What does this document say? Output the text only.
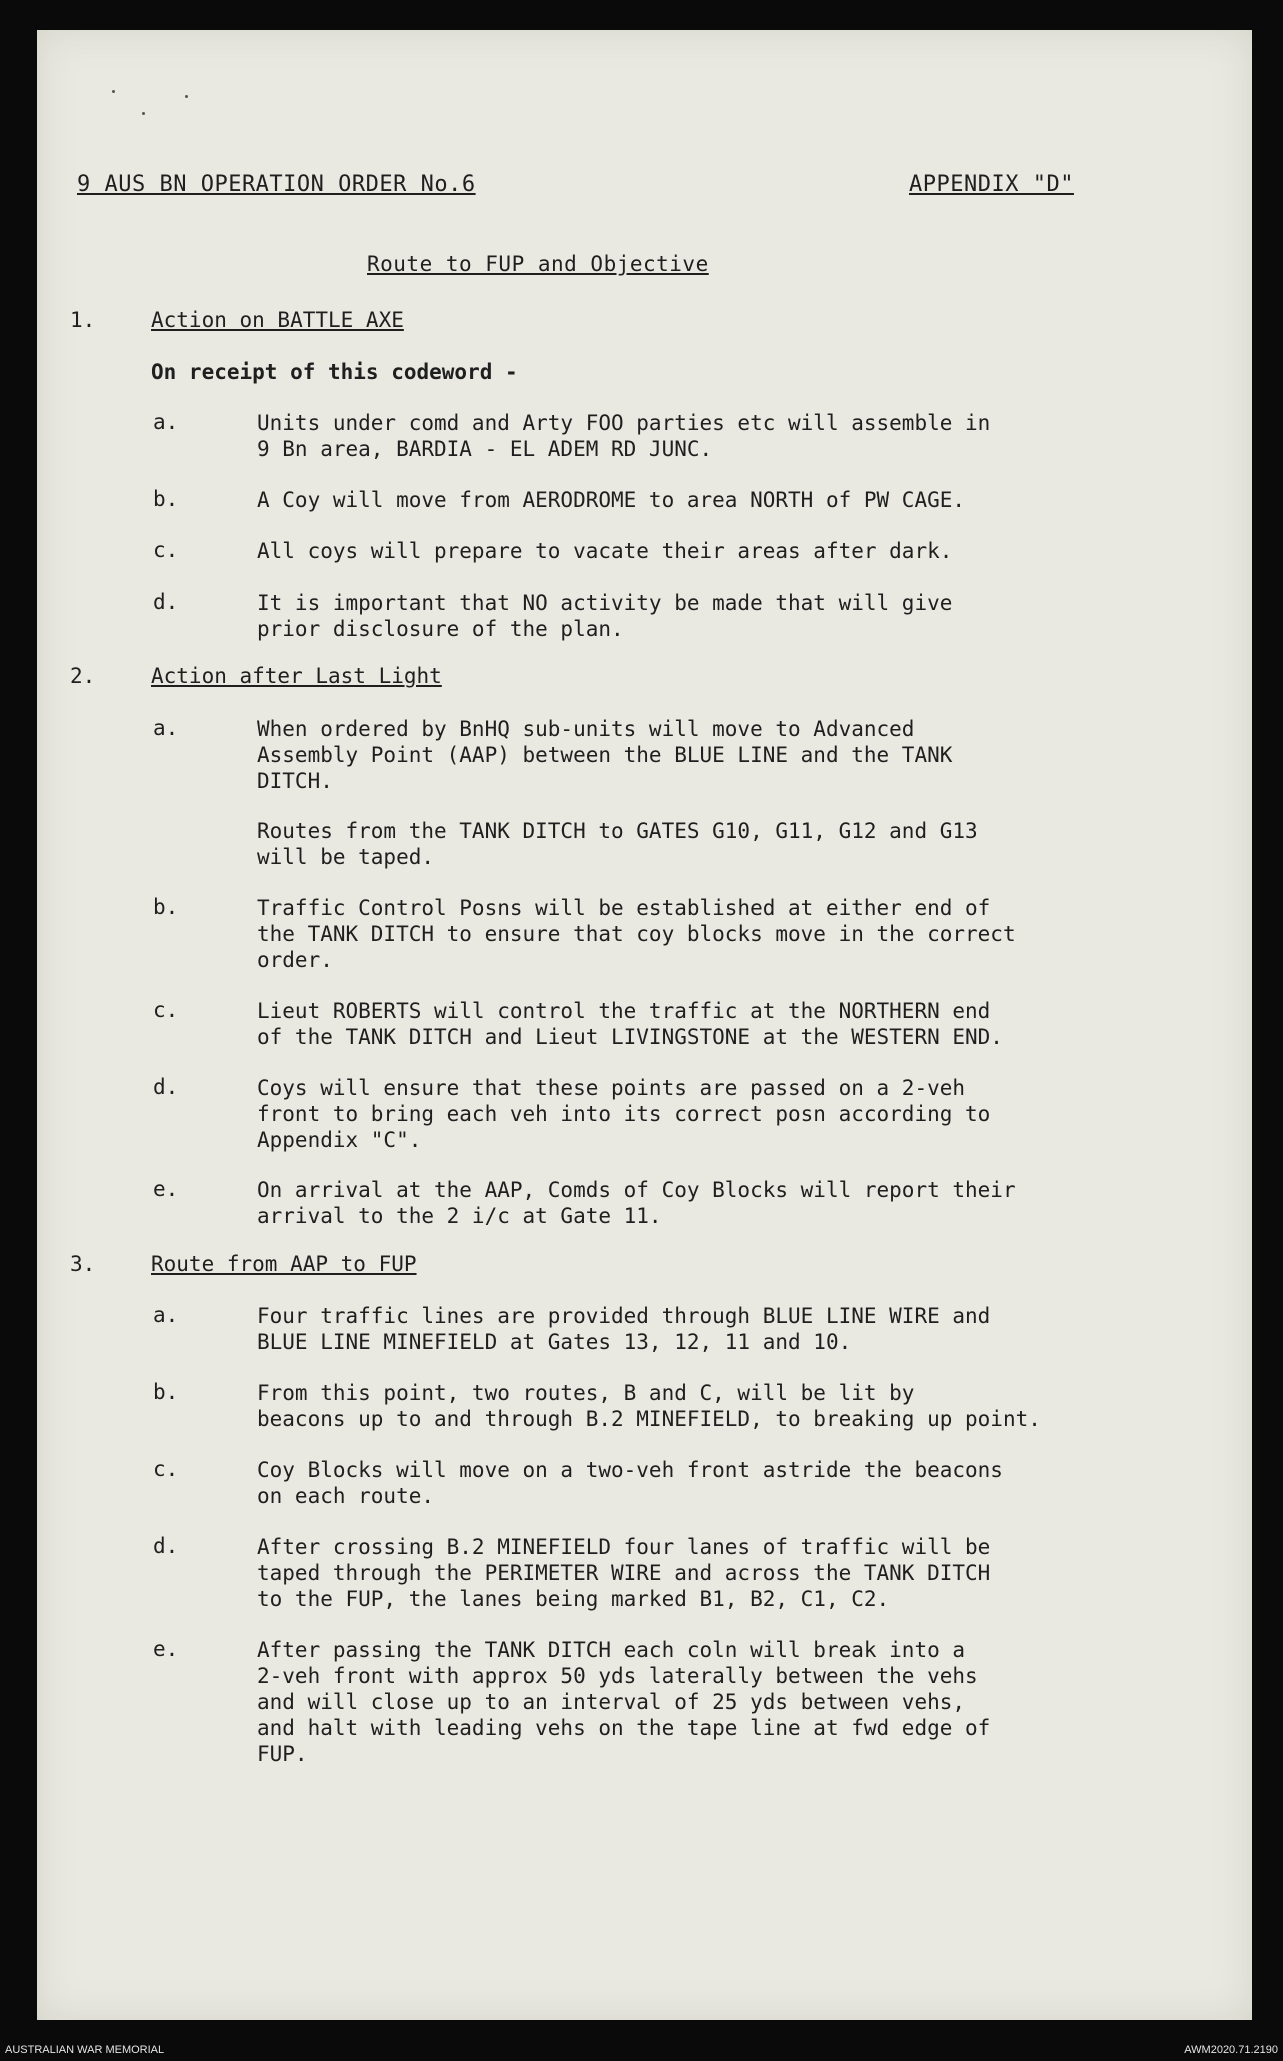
9 AUS BN OPERATION ORDER No.6	APPENDIX "D"
Route to FUP and Objective
1.	Action on BATTLE AXE
On receipt of this codeword -
a.	Units under comd and Arty FOO parties etc will assemble in
9 Bn area, BARDIA - EL ADEM RD JUNC.
b.	A Coy will move from AERODROME to area NORTH of PW CAGE.
c.	All coys will prepare to vacate their areas after dark.
d.	It is important that NO activity be made that will give
prior disclosure of the plan.
2.	Action after Last Light
a.	When ordered by BnHQ sub-units will move to Advanced
Assembly Point (AAP) between the BLUE LINE and the TANK
DITCH.
Routes from the TANK DITCH to GATES G10, G11, G12 and G13
will be taped.
b.	Traffic Control Posns will be established at either end of
the TANK DITCH to ensure that coy blocks move in the correct
order.
c.	Lieut ROBERTS will control the traffic at the NORTHERN end
of the TANK DITCH and Lieut LIVINGSTONE at the WESTERN END.
d.	Coys will ensure that these points are passed on a 2-veh
front to bring each veh into its correct posn according to
Appendix "C".
e.	On arrival at the AAP, Comds of Coy Blocks will report their
arrival to the 2 i/c at Gate 11.
3.	Route from AAP to FUP
a.	Four traffic lines are provided through BLUE LINE WIRE and
BLUE LINE MINEFIELD at Gates 13, 12, 11 and 10.
b.	From this point, two routes, B and C, will be lit by
beacons up to and through B.2 MINEFIELD, to breaking up point.
c.	Coy Blocks will move on a two-veh front astride the beacons
on each route.
d.	After crossing B.2 MINEFIELD four lanes of traffic will be
taped through the PERIMETER WIRE and across the TANK DITCH
to the FUP, the lanes being marked B1, B2, C1, C2.
e.	After passing the TANK DITCH each coln will break into a
2-veh front with approx 50 yds laterally between the vehs
and will close up to an interval of 25 yds between vehs,
and halt with leading vehs on the tape line at fwd edge of
FUP.
AUSTRALIAN WAR MEMORIAL	AWM2020.71.2190
